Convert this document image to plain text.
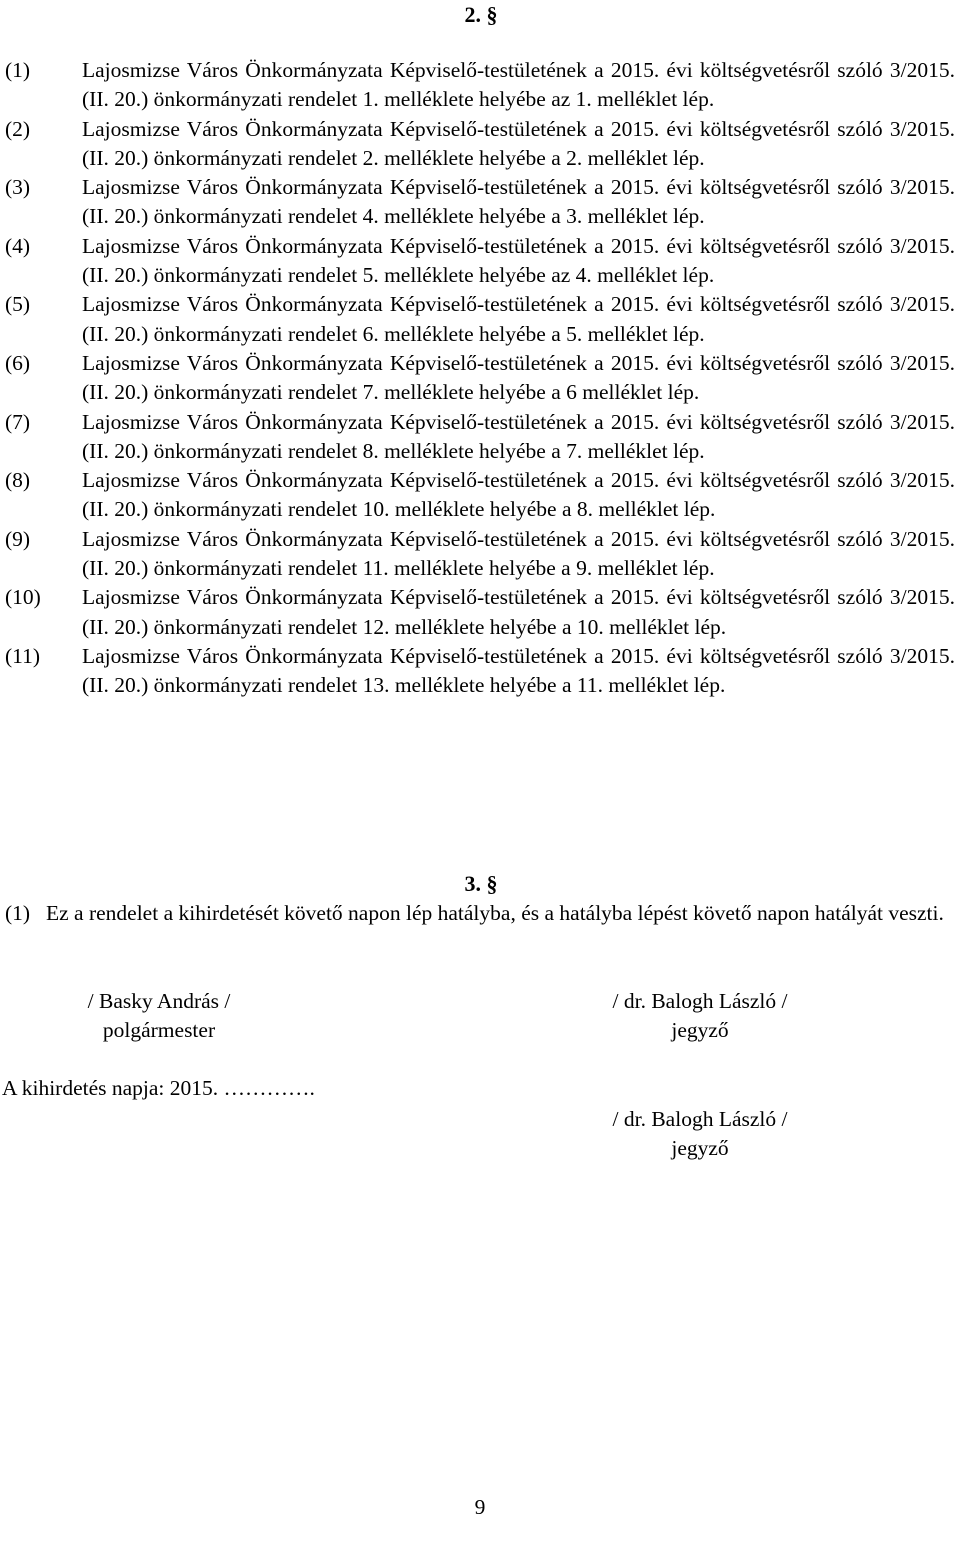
2. §
(1)	Lajosmizse Város Önkormányzata Képviselő-testületének a 2015. évi költségvetésről szóló 3/2015. (II. 20.) önkormányzati rendelet 1. melléklete helyébe az 1. melléklet lép.
(2)	Lajosmizse Város Önkormányzata Képviselő-testületének a 2015. évi költségvetésről szóló 3/2015. (II. 20.) önkormányzati rendelet 2. melléklete helyébe a 2. melléklet lép.
(3)	Lajosmizse Város Önkormányzata Képviselő-testületének a 2015. évi költségvetésről szóló 3/2015. (II. 20.) önkormányzati rendelet 4. melléklete helyébe a 3. melléklet lép.
(4)	Lajosmizse Város Önkormányzata Képviselő-testületének a 2015. évi költségvetésről szóló 3/2015. (II. 20.) önkormányzati rendelet 5. melléklete helyébe az 4. melléklet lép.
(5)	Lajosmizse Város Önkormányzata Képviselő-testületének a 2015. évi költségvetésről szóló 3/2015. (II. 20.) önkormányzati rendelet 6. melléklete helyébe a 5. melléklet lép.
(6)	Lajosmizse Város Önkormányzata Képviselő-testületének a 2015. évi költségvetésről szóló 3/2015. (II. 20.) önkormányzati rendelet 7. melléklete helyébe a 6 melléklet lép.
(7)	Lajosmizse Város Önkormányzata Képviselő-testületének a 2015. évi költségvetésről szóló 3/2015. (II. 20.) önkormányzati rendelet 8. melléklete helyébe a 7. melléklet lép.
(8)	Lajosmizse Város Önkormányzata Képviselő-testületének a 2015. évi költségvetésről szóló 3/2015. (II. 20.) önkormányzati rendelet 10. melléklete helyébe a 8. melléklet lép.
(9)	Lajosmizse Város Önkormányzata Képviselő-testületének a 2015. évi költségvetésről szóló 3/2015. (II. 20.) önkormányzati rendelet 11. melléklete helyébe a 9. melléklet lép.
(10)	Lajosmizse Város Önkormányzata Képviselő-testületének a 2015. évi költségvetésről szóló 3/2015. (II. 20.) önkormányzati rendelet 12. melléklete helyébe a 10. melléklet lép.
(11)	Lajosmizse Város Önkormányzata Képviselő-testületének a 2015. évi költségvetésről szóló 3/2015. (II. 20.) önkormányzati rendelet 13. melléklete helyébe a 11. melléklet lép.
3. §
(1) Ez a rendelet a kihirdetését követő napon lép hatályba, és a hatályba lépést követő napon hatályát veszti.
/ Basky András /
polgármester
/ dr. Balogh László /
jegyző
A kihirdetés napja: 2015. ………….
/ dr. Balogh László /
jegyző
9
